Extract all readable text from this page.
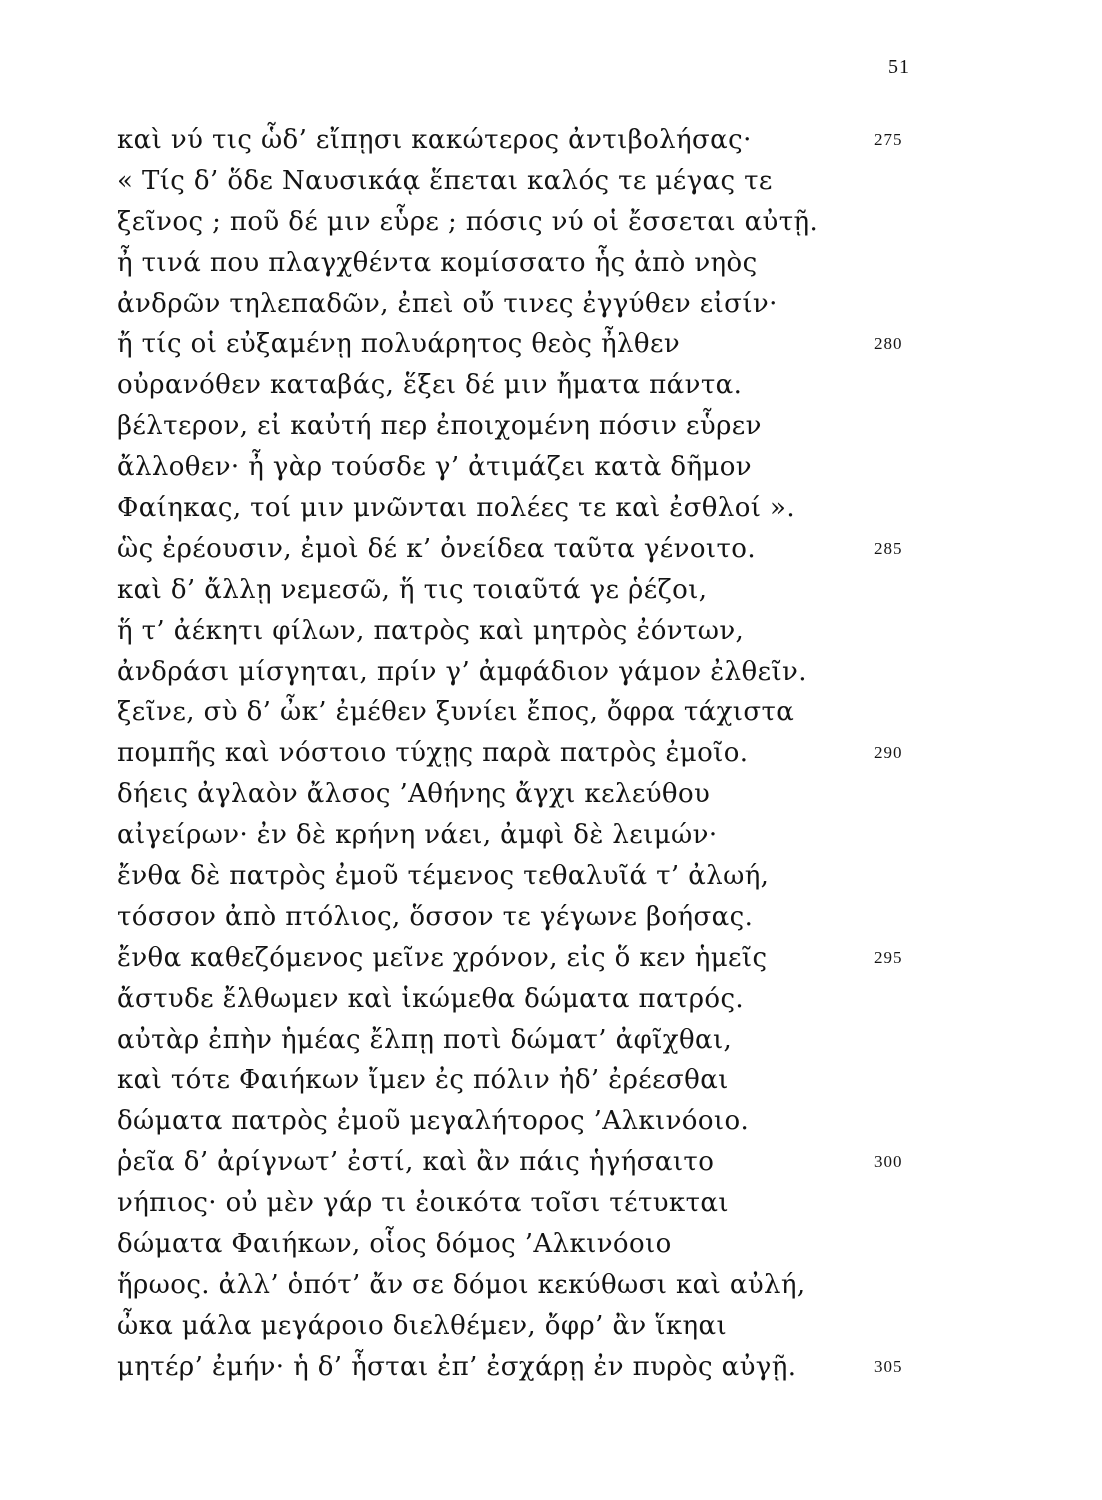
51
καὶ νύ τις ὧδ’ εἴπῃσι κακώτερος ἀντιβολήσας·	275
« Τίς δ’ ὅδε Ναυσικάᾳ ἕπεται καλός τε μέγας τε
ξεῖνος ; ποῦ δέ μιν εὗρε ; πόσις νύ οἱ ἔσσεται αὐτῇ.
ἦ τινά που πλαγχθέντα κομίσσατο ἧς ἀπὸ νηὸς
ἀνδρῶν τηλεπαδῶν, ἐπεὶ οὔ τινες ἐγγύθεν εἰσίν·
ἤ τίς οἱ εὐξαμένῃ πολυάρητος θεὸς ἦλθεν	280
οὐρανόθεν καταβάς, ἕξει δέ μιν ἤματα πάντα.
βέλτερον, εἰ καὐτή περ ἐποιχομένη πόσιν εὗρεν
ἄλλοθεν· ἦ γὰρ τούσδε γ’ ἀτιμάζει κατὰ δῆμον
Φαίηκας, τοί μιν μνῶνται πολέες τε καὶ ἐσθλοί ».
ὣς ἐρέουσιν, ἐμοὶ δέ κ’ ὀνείδεα ταῦτα γένοιτο.	285
καὶ δ’ ἄλλῃ νεμεσῶ, ἥ τις τοιαῦτά γε ῥέζοι,
ἥ τ’ ἀέκητι φίλων, πατρὸς καὶ μητρὸς ἐόντων,
ἀνδράσι μίσγηται, πρίν γ’ ἀμφάδιον γάμον ἐλθεῖν.
ξεῖνε, σὺ δ’ ὦκ’ ἐμέθεν ξυνίει ἔπος, ὄφρα τάχιστα
πομπῆς καὶ νόστοιο τύχῃς παρὰ πατρὸς ἐμοῖο.	290
δήεις ἀγλαὸν ἄλσος ’Αθήνης ἄγχι κελεύθου
αἰγείρων· ἐν δὲ κρήνη νάει, ἀμφὶ δὲ λειμών·
ἔνθα δὲ πατρὸς ἐμοῦ τέμενος τεθαλυῖά τ’ ἀλωή,
τόσσον ἀπὸ πτόλιος, ὅσσον τε γέγωνε βοήσας.
ἔνθα καθεζόμενος μεῖνε χρόνον, εἰς ὅ κεν ἡμεῖς	295
ἄστυδε ἔλθωμεν καὶ ἱκώμεθα δώματα πατρός.
αὐτὰρ ἐπὴν ἡμέας ἔλπῃ ποτὶ δώματ’ ἀφῖχθαι,
καὶ τότε Φαιήκων ἴμεν ἐς πόλιν ἠδ’ ἐρέεσθαι
δώματα πατρὸς ἐμοῦ μεγαλήτορος ’Αλκινόοιο.
ῥεῖα δ’ ἀρίγνωτ’ ἐστί, καὶ ἂν πάις ἡγήσαιτο	300
νήπιος· οὐ μὲν γάρ τι ἐοικότα τοῖσι τέτυκται
δώματα Φαιήκων, οἷος δόμος ’Αλκινόοιο
ἥρωος. ἀλλ’ ὁπότ’ ἄν σε δόμοι κεκύθωσι καὶ αὐλή,
ὦκα μάλα μεγάροιο διελθέμεν, ὄφρ’ ἂν ἵκηαι
μητέρ’ ἐμήν· ἡ δ’ ἧσται ἐπ’ ἐσχάρῃ ἐν πυρὸς αὐγῇ.	305
